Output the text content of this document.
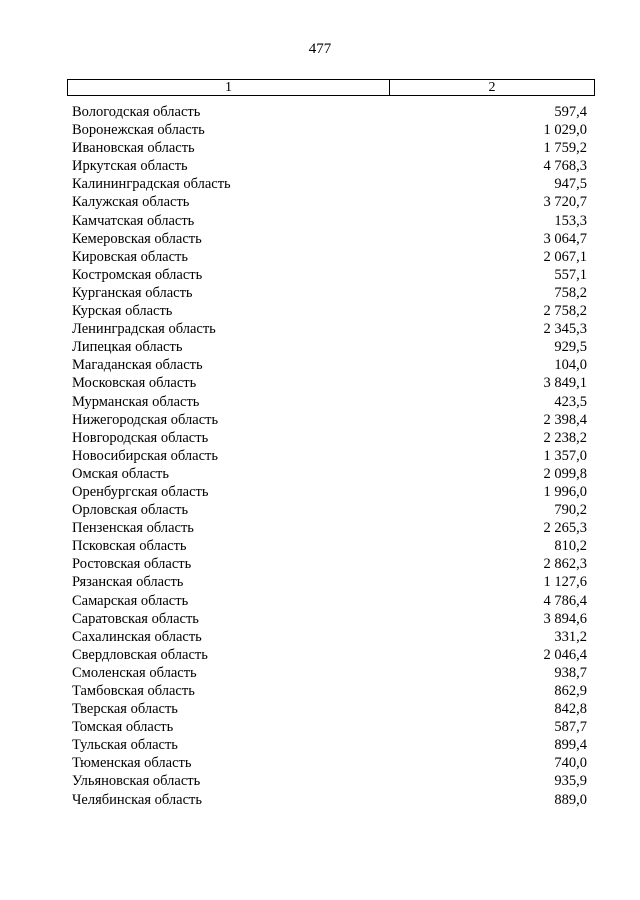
477
1	2
Вологодская область	597,4
Воронежская область	1 029,0
Ивановская область	1 759,2
Иркутская область	4 768,3
Калининградская область	947,5
Калужская область	3 720,7
Камчатская область	153,3
Кемеровская область	3 064,7
Кировская область	2 067,1
Костромская область	557,1
Курганская область	758,2
Курская область	2 758,2
Ленинградская область	2 345,3
Липецкая область	929,5
Магаданская область	104,0
Московская область	3 849,1
Мурманская область	423,5
Нижегородская область	2 398,4
Новгородская область	2 238,2
Новосибирская область	1 357,0
Омская область	2 099,8
Оренбургская область	1 996,0
Орловская область	790,2
Пензенская область	2 265,3
Псковская область	810,2
Ростовская область	2 862,3
Рязанская область	1 127,6
Самарская область	4 786,4
Саратовская область	3 894,6
Сахалинская область	331,2
Свердловская область	2 046,4
Смоленская область	938,7
Тамбовская область	862,9
Тверская область	842,8
Томская область	587,7
Тульская область	899,4
Тюменская область	740,0
Ульяновская область	935,9
Челябинская область	889,0
